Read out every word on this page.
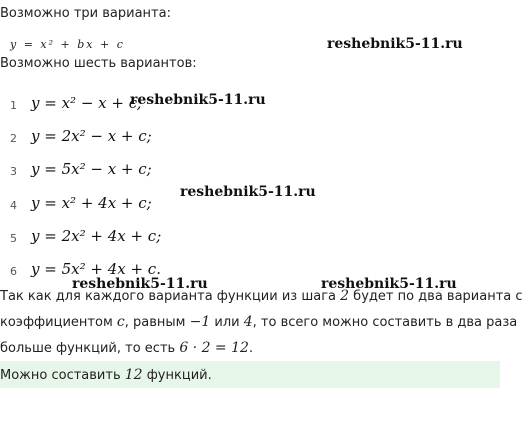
Возможно три варианта:
y = x² + bx + c	reshebnik5-11.ru
Возможно шесть вариантов:
1 y = x² − x + c;
2 y = 2x² − x + c;
3 y = 5x² − x + c;
4 y = x² + 4x + c;
5 y = 2x² + 4x + c;
6 y = 5x² + 4x + c.
reshebnik5-11.ru
reshebnik5-11.ru
reshebnik5-11.ru	reshebnik5-11.ru
Так как для каждого варианта функции из шага 2 будет по два варианта с
коэффициентом c, равным −1 или 4, то всего можно составить в два раза
больше функций, то есть 6 · 2 = 12.
Можно составить 12 функций.
